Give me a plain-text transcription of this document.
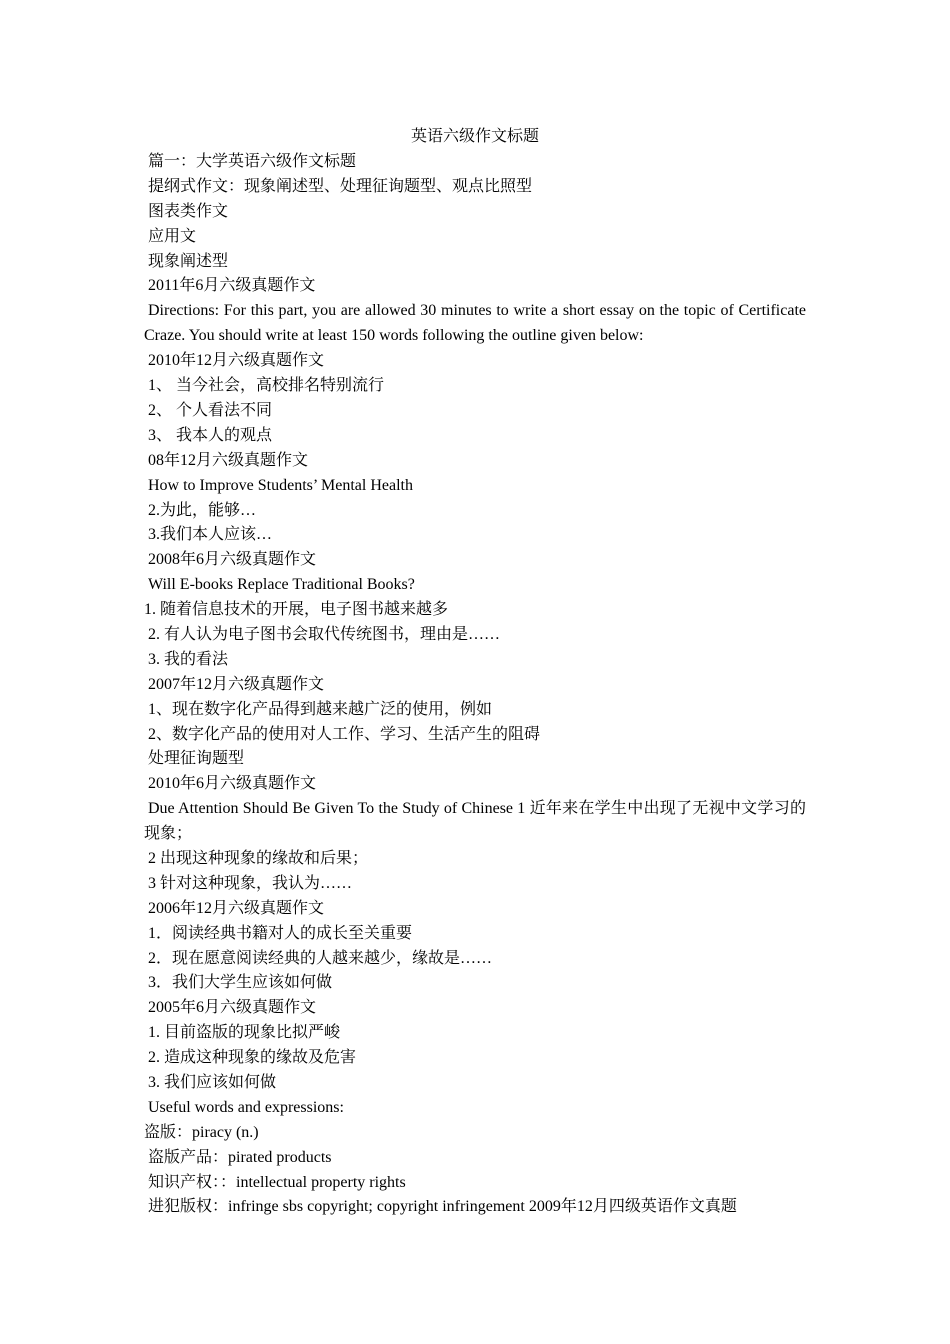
英语六级作文标题
篇一：大学英语六级作文标题
提纲式作文：现象阐述型、处理征询题型、观点比照型
图表类作文
应用文
现象阐述型
2011年6月六级真题作文
Directions: For this part, you are allowed 30 minutes to write a short essay on the topic of Certificate Craze. You should write at least 150 words following the outline given below:
2010年12月六级真题作文
1、 当今社会，高校排名特别流行
2、 个人看法不同
3、 我本人的观点
08年12月六级真题作文
How to Improve Students’ Mental Health
2.为此，能够…
3.我们本人应该…
2008年6月六级真题作文
Will E-books Replace Traditional Books?
1. 随着信息技术的开展，电子图书越来越多
2. 有人认为电子图书会取代传统图书，理由是……
3. 我的看法
2007年12月六级真题作文
1、现在数字化产品得到越来越广泛的使用，例如
2、数字化产品的使用对人工作、学习、生活产生的阻碍
处理征询题型
2010年6月六级真题作文
Due Attention Should Be Given To the Study of Chinese 1 近年来在学生中出现了无视中文学习的现象；
2 出现这种现象的缘故和后果；
3 针对这种现象，我认为……
2006年12月六级真题作文
1．阅读经典书籍对人的成长至关重要
2．现在愿意阅读经典的人越来越少，缘故是……
3．我们大学生应该如何做
2005年6月六级真题作文
1. 目前盗版的现象比拟严峻
2. 造成这种现象的缘故及危害
3. 我们应该如何做
Useful words and expressions:
盗版：piracy (n.)
盗版产品：pirated products
知识产权：：intellectual property rights
进犯版权：infringe sbs copyright; copyright infringement 2009年12月四级英语作文真题
